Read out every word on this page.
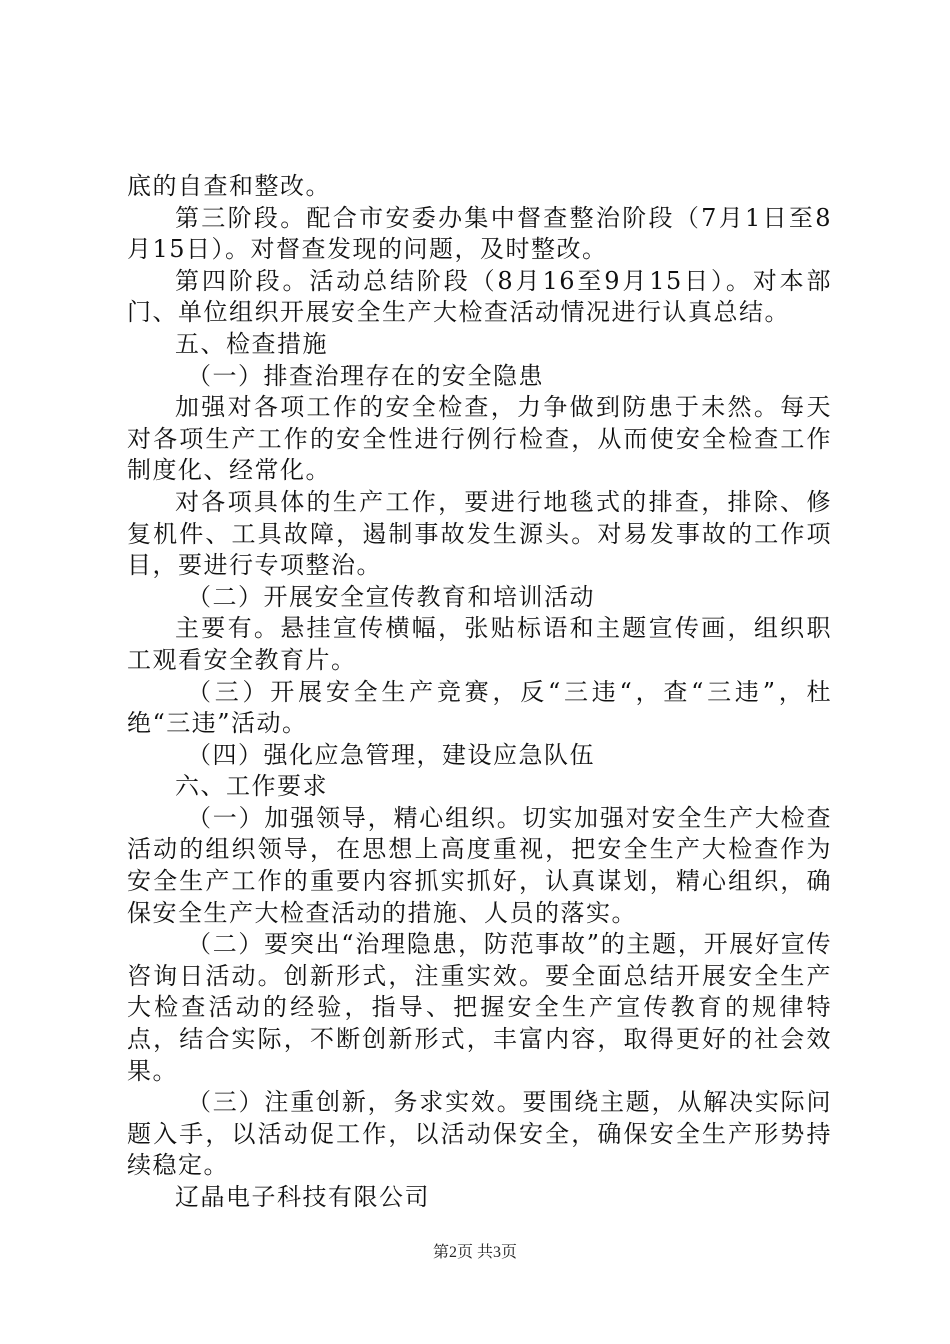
底的自查和整改。

第三阶段。配合市安委办集中督查整治阶段（7月1日至8月15日）。对督查发现的问题，及时整改。

第四阶段。活动总结阶段（8月16至9月15日）。对本部门、单位组织开展安全生产大检查活动情况进行认真总结。

五、检查措施

（一）排查治理存在的安全隐患

加强对各项工作的安全检查，力争做到防患于未然。每天对各项生产工作的安全性进行例行检查，从而使安全检查工作制度化、经常化。

对各项具体的生产工作，要进行地毯式的排查，排除、修复机件、工具故障，遏制事故发生源头。对易发事故的工作项目，要进行专项整治。

（二）开展安全宣传教育和培训活动

主要有。悬挂宣传横幅，张贴标语和主题宣传画，组织职工观看安全教育片。

（三）开展安全生产竞赛，反“三违“，查“三违”，杜绝“三违”活动。

（四）强化应急管理，建设应急队伍

六、工作要求

（一）加强领导，精心组织。切实加强对安全生产大检查活动的组织领导，在思想上高度重视，把安全生产大检查作为安全生产工作的重要内容抓实抓好，认真谋划，精心组织，确保安全生产大检查活动的措施、人员的落实。

（二）要突出“治理隐患，防范事故”的主题，开展好宣传咨询日活动。创新形式，注重实效。要全面总结开展安全生产大检查活动的经验，指导、把握安全生产宣传教育的规律特点，结合实际，不断创新形式，丰富内容，取得更好的社会效果。

（三）注重创新，务求实效。要围绕主题，从解决实际问题入手，以活动促工作，以活动保安全，确保安全生产形势持续稳定。

辽晶电子科技有限公司

第2页 共3页
